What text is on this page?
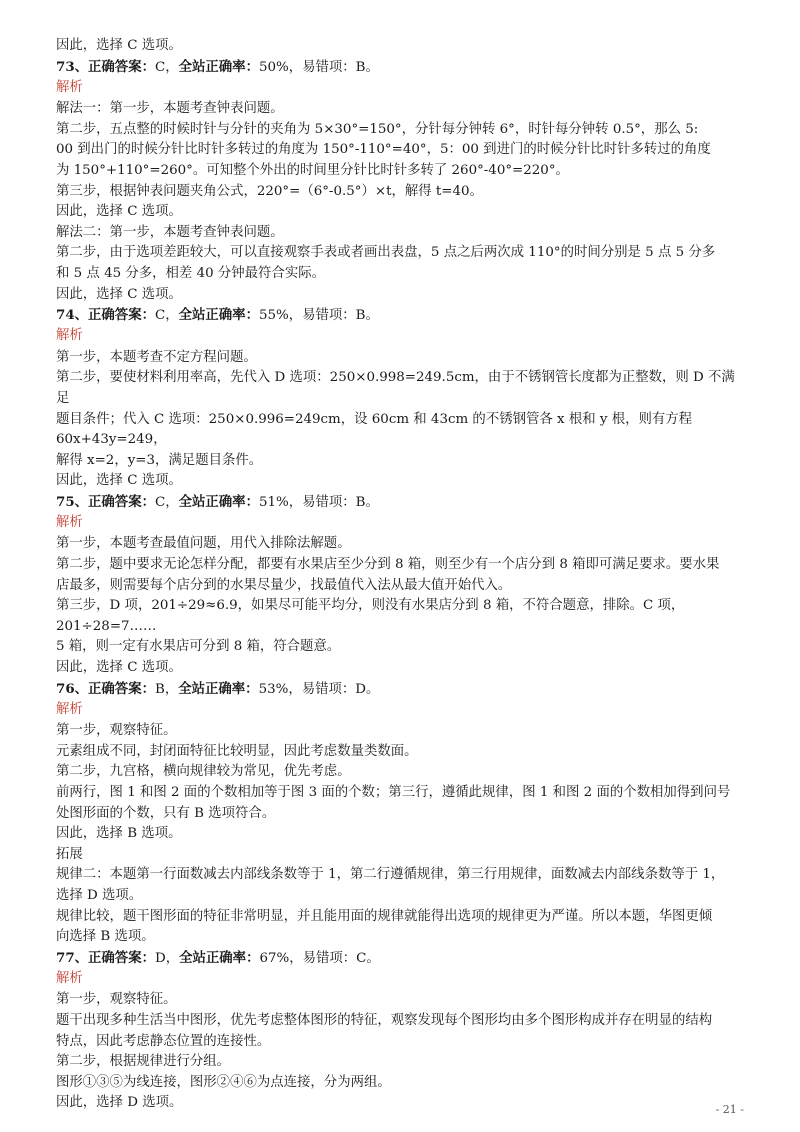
因此，选择 C 选项。
73、正确答案：C，全站正确率：50%，易错项：B。
解析
解法一：第一步，本题考查钟表问题。
第二步，五点整的时候时针与分针的夹角为 5×30°=150°，分针每分钟转 6°，时针每分钟转 0.5°，那么 5:
00 到出门的时候分针比时针多转过的角度为 150°-110°=40°，5：00 到进门的时候分针比时针多转过的角度
为 150°+110°=260°。可知整个外出的时间里分针比时针多转了 260°-40°=220°。
第三步，根据钟表问题夹角公式，220°=（6°-0.5°）×t，解得 t=40。
因此，选择 C 选项。
解法二：第一步，本题考查钟表问题。
第二步，由于选项差距较大，可以直接观察手表或者画出表盘，5 点之后两次成 110°的时间分别是 5 点 5 分多
和 5 点 45 分多，相差 40 分钟最符合实际。
因此，选择 C 选项。
74、正确答案：C，全站正确率：55%，易错项：B。
解析
第一步，本题考查不定方程问题。
第二步，要使材料利用率高，先代入 D 选项：250×0.998=249.5cm，由于不锈钢管长度都为正整数，则 D 不满足
题目条件；代入 C 选项：250×0.996=249cm，设 60cm 和 43cm 的不锈钢管各 x 根和 y 根，则有方程 60x+43y=249，
解得 x=2，y=3，满足题目条件。
因此，选择 C 选项。
75、正确答案：C，全站正确率：51%，易错项：B。
解析
第一步，本题考查最值问题，用代入排除法解题。
第二步，题中要求无论怎样分配，都要有水果店至少分到 8 箱，则至少有一个店分到 8 箱即可满足要求。要水果
店最多，则需要每个店分到的水果尽量少，找最值代入法从最大值开始代入。
第三步，D 项，201÷29≈6.9，如果尽可能平均分，则没有水果店分到 8 箱，不符合题意，排除。C 项，201÷28=7……
5 箱，则一定有水果店可分到 8 箱，符合题意。
因此，选择 C 选项。
76、正确答案：B，全站正确率：53%，易错项：D。
解析
第一步，观察特征。
元素组成不同，封闭面特征比较明显，因此考虑数量类数面。
第二步，九宫格，横向规律较为常见，优先考虑。
前两行，图 1 和图 2 面的个数相加等于图 3 面的个数；第三行，遵循此规律，图 1 和图 2 面的个数相加得到问号
处图形面的个数，只有 B 选项符合。
因此，选择 B 选项。
拓展
规律二：本题第一行面数减去内部线条数等于 1，第二行遵循规律，第三行用规律，面数减去内部线条数等于 1，
选择 D 选项。
规律比较，题干图形面的特征非常明显，并且能用面的规律就能得出选项的规律更为严谨。所以本题，华图更倾
向选择 B 选项。
77、正确答案：D，全站正确率：67%，易错项：C。
解析
第一步，观察特征。
题干出现多种生活当中图形，优先考虑整体图形的特征，观察发现每个图形均由多个图形构成并存在明显的结构
特点，因此考虑静态位置的连接性。
第二步，根据规律进行分组。
图形①③⑤为线连接，图形②④⑥为点连接，分为两组。
因此，选择 D 选项。	- 21 -
